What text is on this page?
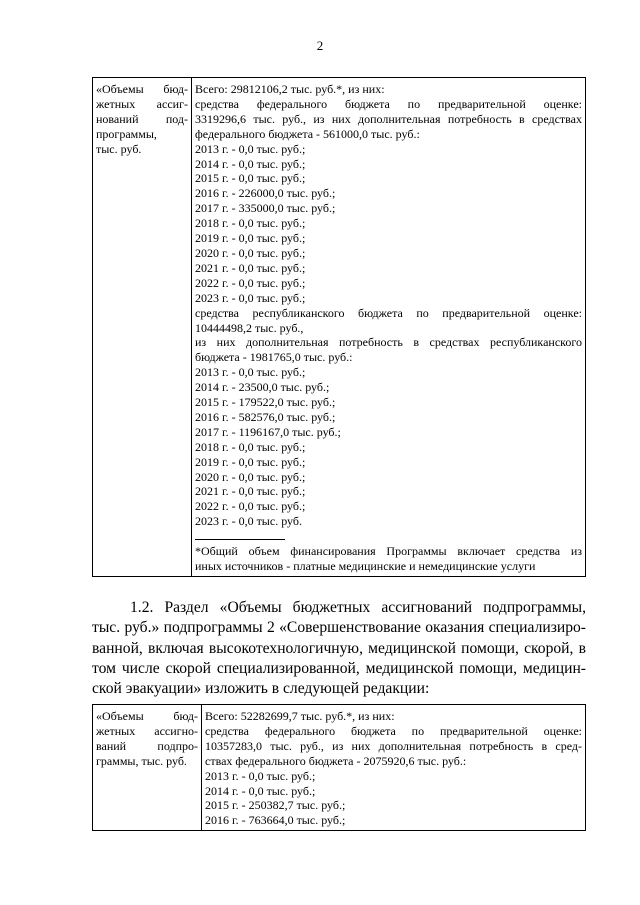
2
«Объемы бюд-
жетных ассиг-
нований под-
программы,
тыс. руб.

Всего: 29812106,2 тыс. руб.*, из них:
средства федерального бюджета по предварительной оценке:
3319296,6 тыс. руб., из них дополнительная потребность в средствах
федерального бюджета - 561000,0 тыс. руб.:
2013 г. - 0,0 тыс. руб.;
2014 г. - 0,0 тыс. руб.;
2015 г. - 0,0 тыс. руб.;
2016 г. - 226000,0 тыс. руб.;
2017 г. - 335000,0 тыс. руб.;
2018 г. - 0,0 тыс. руб.;
2019 г. - 0,0 тыс. руб.;
2020 г. - 0,0 тыс. руб.;
2021 г. - 0,0 тыс. руб.;
2022 г. - 0,0 тыс. руб.;
2023 г. - 0,0 тыс. руб.;
средства республиканского бюджета по предварительной оценке:
10444498,2 тыс. руб.,
из них дополнительная потребность в средствах республиканского
бюджета - 1981765,0 тыс. руб.:
2013 г. - 0,0 тыс. руб.;
2014 г. - 23500,0 тыс. руб.;
2015 г. - 179522,0 тыс. руб.;
2016 г. - 582576,0 тыс. руб.;
2017 г. - 1196167,0 тыс. руб.;
2018 г. - 0,0 тыс. руб.;
2019 г. - 0,0 тыс. руб.;
2020 г. - 0,0 тыс. руб.;
2021 г. - 0,0 тыс. руб.;
2022 г. - 0,0 тыс. руб.;
2023 г. - 0,0 тыс. руб.
*Общий объем финансирования Программы включает средства из
иных источников - платные медицинские и немедицинские услуги
1.2. Раздел «Объемы бюджетных ассигнований подпрограммы,
тыс. руб.» подпрограммы 2 «Совершенствование оказания специализиро-
ванной, включая высокотехнологичную, медицинской помощи, скорой, в
том числе скорой специализированной, медицинской помощи, медицин-
ской эвакуации» изложить в следующей редакции:
«Объемы бюд-
жетных ассигно-
ваний подпро-
граммы, тыс. руб.

Всего: 52282699,7 тыс. руб.*, из них:
средства федерального бюджета по предварительной оценке:
10357283,0 тыс. руб., из них дополнительная потребность в сред-
ствах федерального бюджета - 2075920,6 тыс. руб.:
2013 г. - 0,0 тыс. руб.;
2014 г. - 0,0 тыс. руб.;
2015 г. - 250382,7 тыс. руб.;
2016 г. - 763664,0 тыс. руб.;
